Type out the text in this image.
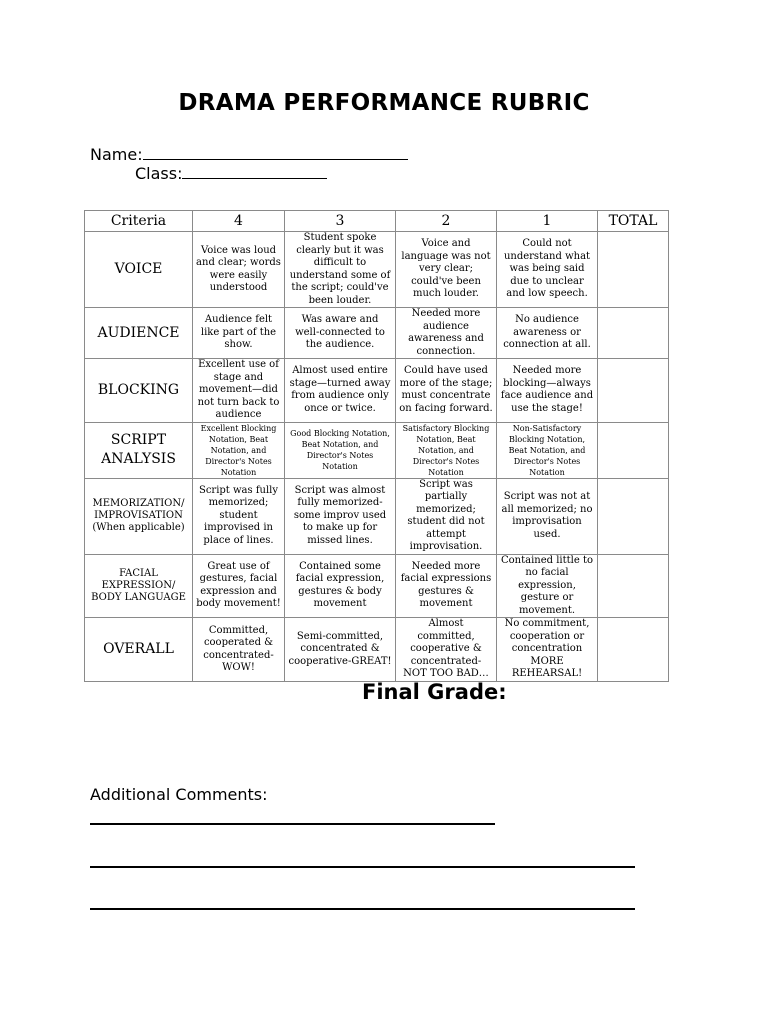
DRAMA PERFORMANCE RUBRIC
Name:
Class:
Criteria	4	3	2	1	TOTAL
VOICE	Voice was loud and clear; words were easily understood	Student spoke clearly but it was difficult to understand some of the script; could've been louder.	Voice and language was not very clear; could've been much louder.	Could not understand what was being said due to unclear and low speech.	
AUDIENCE	Audience felt like part of the show.	Was aware and well-connected to the audience.	Needed more audience awareness and connection.	No audience awareness or connection at all.	
BLOCKING	Excellent use of stage and movement—did not turn back to audience	Almost used entire stage—turned away from audience only once or twice.	Could have used more of the stage; must concentrate on facing forward.	Needed more blocking—always face audience and use the stage!	
SCRIPT ANALYSIS	Excellent Blocking Notation, Beat Notation, and Director's Notes Notation	Good Blocking Notation, Beat Notation, and Director's Notes Notation	Satisfactory Blocking Notation, Beat Notation, and Director's Notes Notation	Non-Satisfactory Blocking Notation, Beat Notation, and Director's Notes Notation	
MEMORIZATION/ IMPROVISATION (When applicable)	Script was fully memorized; student improvised in place of lines.	Script was almost fully memorized-some improv used to make up for missed lines.	Script was partially memorized; student did not attempt improvisation.	Script was not at all memorized; no improvisation used.	
FACIAL EXPRESSION/ BODY LANGUAGE	Great use of gestures, facial expression and body movement!	Contained some facial expression, gestures & body movement	Needed more facial expressions gestures & movement	Contained little to no facial expression, gesture or movement.	
OVERALL	Committed, cooperated & concentrated-WOW!	Semi-committed, concentrated & cooperative-GREAT!	Almost committed, cooperative & concentrated-NOT TOO BAD…	No commitment, cooperation or concentration MORE REHEARSAL!	
Final Grade:
Additional Comments:
